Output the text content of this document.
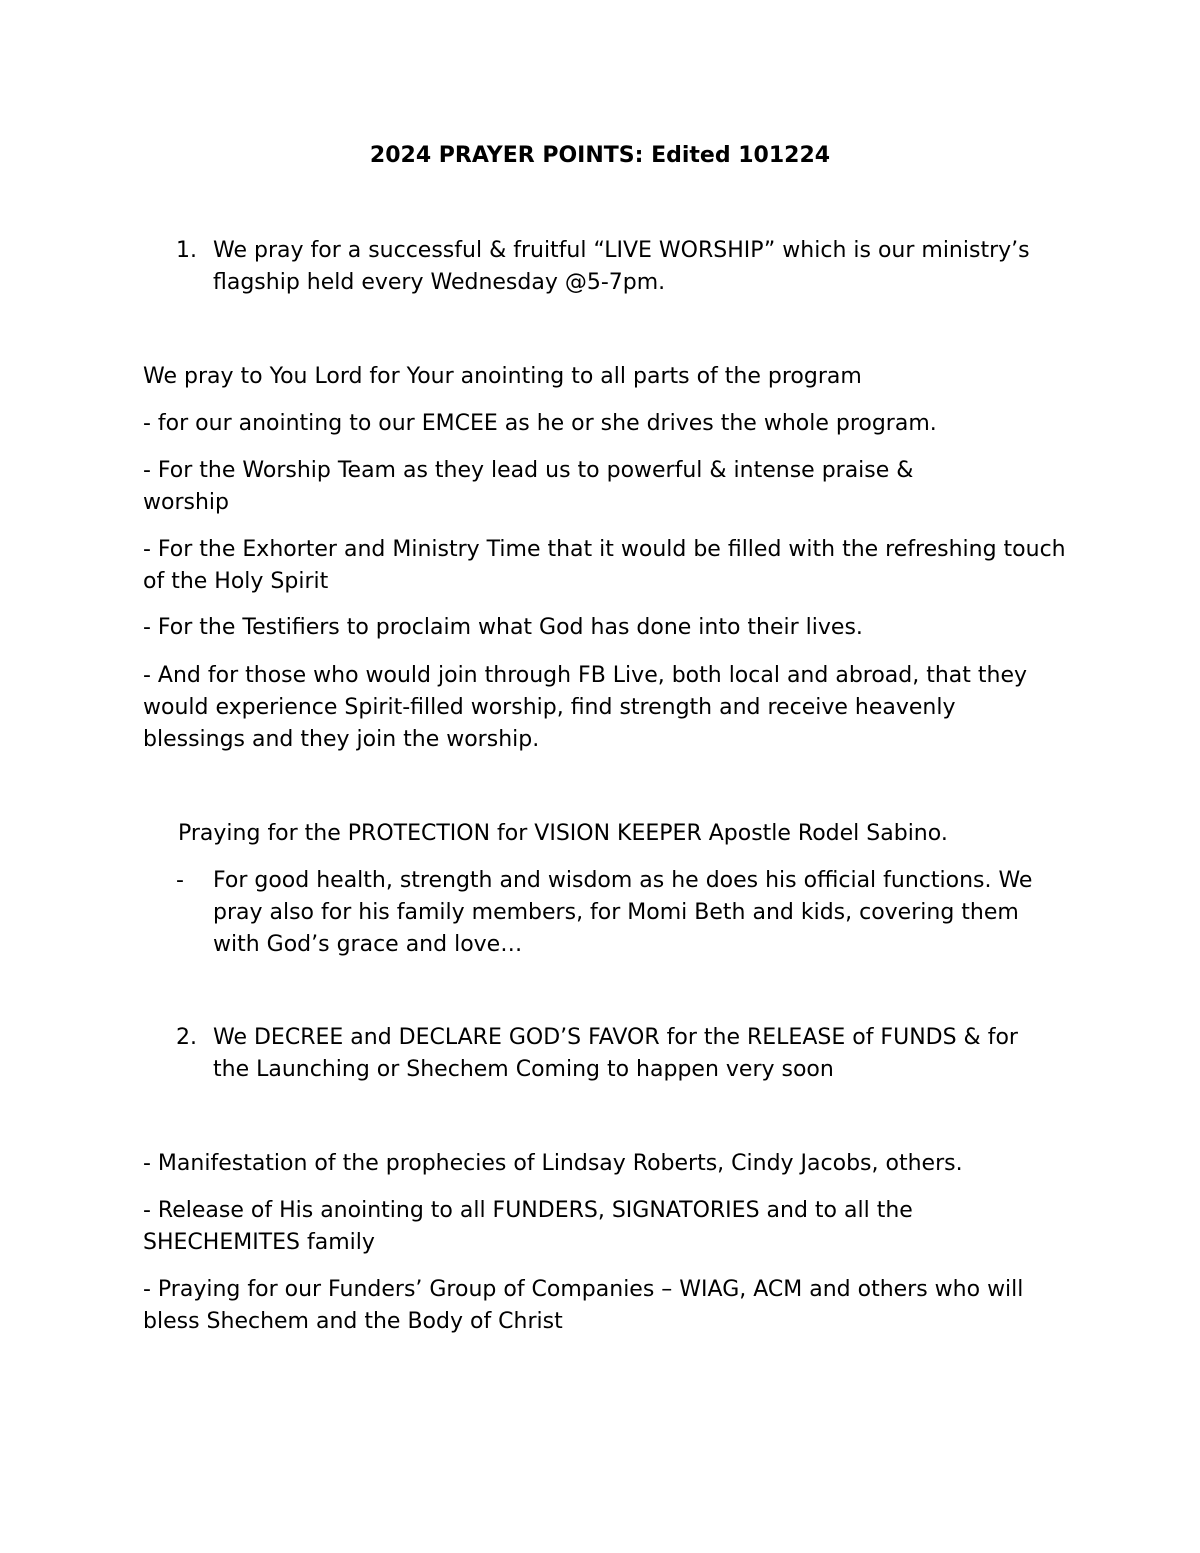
2024 PRAYER POINTS: Edited 101224
1. We pray for a successful & fruitful “LIVE WORSHIP” which is our ministry’s flagship held every Wednesday @5-7pm.
We pray to You Lord for Your anointing to all parts of the program
- for our anointing to our EMCEE as he or she drives the whole program.
- For the Worship Team as they lead us to powerful & intense praise & worship
- For the Exhorter and Ministry Time that it would be filled with the refreshing touch of the Holy Spirit
- For the Testifiers to proclaim what God has done into their lives.
- And for those who would join through FB Live, both local and abroad, that they would experience Spirit-filled worship, find strength and receive heavenly blessings and they join the worship.
Praying for the PROTECTION for VISION KEEPER Apostle Rodel Sabino.
-	For good health, strength and wisdom as he does his official functions. We pray also for his family members, for Momi Beth and kids, covering them with God’s grace and love…
2. We DECREE and DECLARE GOD’S FAVOR for the RELEASE of FUNDS & for the Launching or Shechem Coming to happen very soon
- Manifestation of the prophecies of Lindsay Roberts, Cindy Jacobs, others.
- Release of His anointing to all FUNDERS, SIGNATORIES and to all the SHECHEMITES family
- Praying for our Funders’ Group of Companies – WIAG, ACM and others who will bless Shechem and the Body of Christ
